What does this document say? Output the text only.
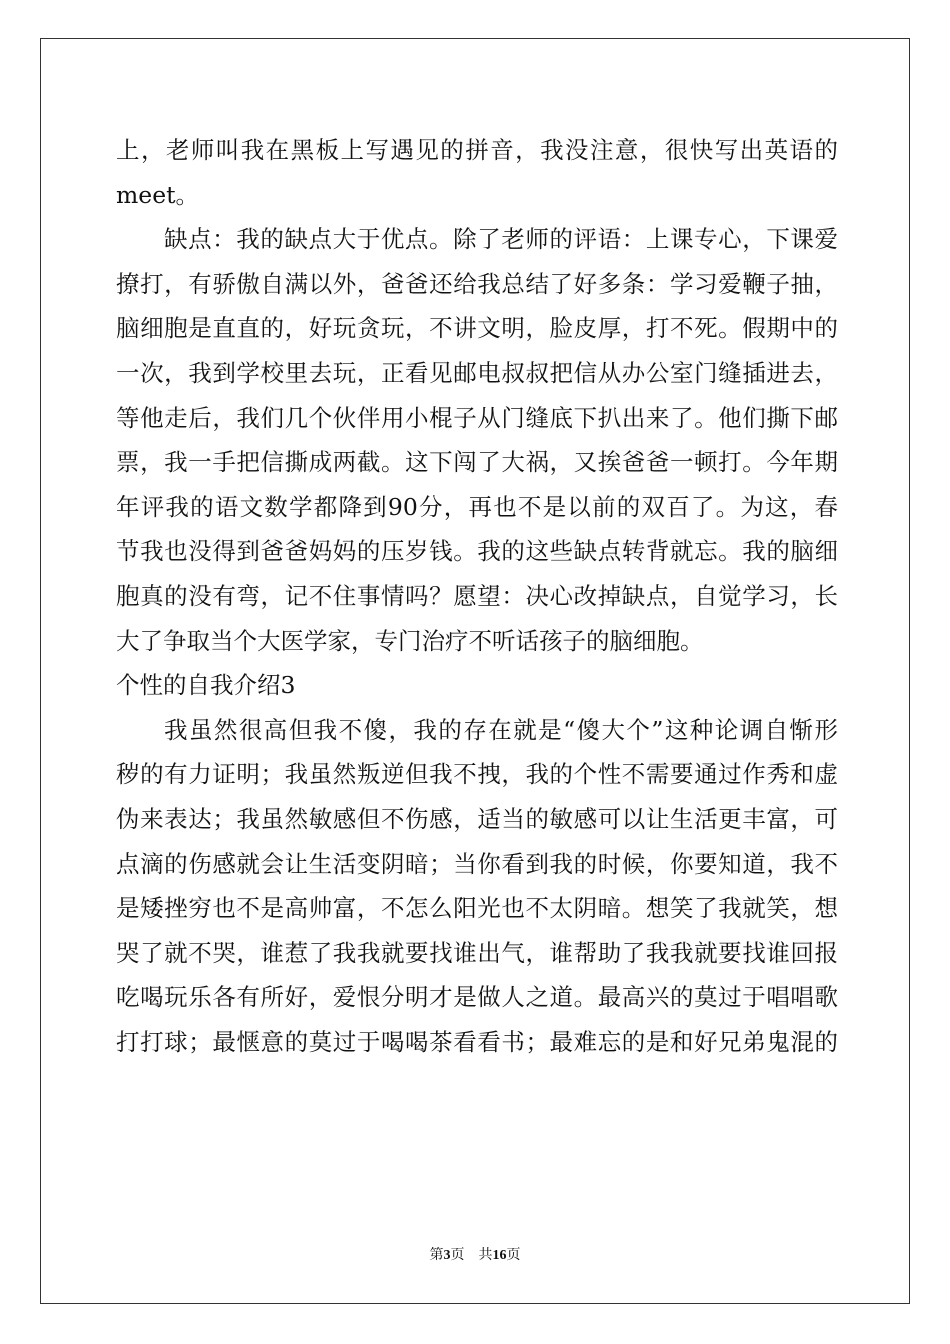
上，老师叫我在黑板上写遇见的拼音，我没注意，很快写出英语的
meet。
缺点：我的缺点大于优点。除了老师的评语：上课专心，下课爱
撩打，有骄傲自满以外，爸爸还给我总结了好多条：学习爱鞭子抽，
脑细胞是直直的，好玩贪玩，不讲文明，脸皮厚，打不死。假期中的
一次，我到学校里去玩，正看见邮电叔叔把信从办公室门缝插进去，
等他走后，我们几个伙伴用小棍子从门缝底下扒出来了。他们撕下邮
票，我一手把信撕成两截。这下闯了大祸，又挨爸爸一顿打。今年期
年评我的语文数学都降到90分，再也不是以前的双百了。为这，春
节我也没得到爸爸妈妈的压岁钱。我的这些缺点转背就忘。我的脑细
胞真的没有弯，记不住事情吗？愿望：决心改掉缺点，自觉学习，长
大了争取当个大医学家，专门治疗不听话孩子的脑细胞。
个性的自我介绍3
我虽然很高但我不傻，我的存在就是“傻大个”这种论调自惭形
秽的有力证明；我虽然叛逆但我不拽，我的个性不需要通过作秀和虚
伪来表达；我虽然敏感但不伤感，适当的敏感可以让生活更丰富，可
点滴的伤感就会让生活变阴暗；当你看到我的时候，你要知道，我不
是矮挫穷也不是高帅富，不怎么阳光也不太阴暗。想笑了我就笑，想
哭了就不哭，谁惹了我我就要找谁出气，谁帮助了我我就要找谁回报
吃喝玩乐各有所好，爱恨分明才是做人之道。最高兴的莫过于唱唱歌
打打球；最惬意的莫过于喝喝茶看看书；最难忘的是和好兄弟鬼混的
第3页 共16页
